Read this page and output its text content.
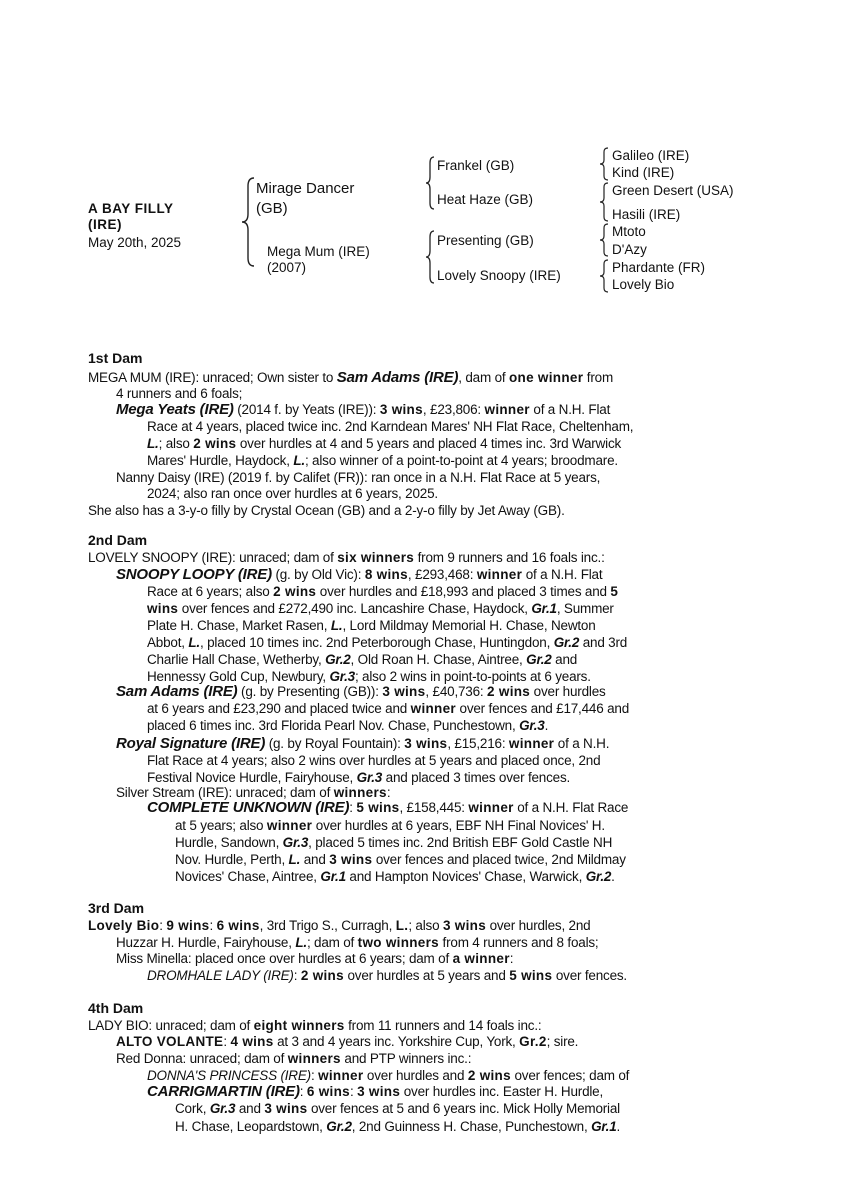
A BAY FILLY
(IRE)
May 20th, 2025
Mirage Dancer
(GB)
Mega Mum (IRE)
(2007)
Frankel (GB)
Heat Haze (GB)
Presenting (GB)
Lovely Snoopy (IRE)
Galileo (IRE)
Kind (IRE)
Green Desert (USA)
Hasili (IRE)
Mtoto
D'Azy
Phardante (FR)
Lovely Bio
1st Dam
MEGA MUM (IRE): unraced; Own sister to Sam Adams (IRE), dam of one winner from
4 runners and 6 foals;
Mega Yeats (IRE) (2014 f. by Yeats (IRE)): 3 wins, £23,806: winner of a N.H. Flat
Race at 4 years, placed twice inc. 2nd Karndean Mares' NH Flat Race, Cheltenham,
L.; also 2 wins over hurdles at 4 and 5 years and placed 4 times inc. 3rd Warwick
Mares' Hurdle, Haydock, L.; also winner of a point-to-point at 4 years; broodmare.
Nanny Daisy (IRE) (2019 f. by Califet (FR)): ran once in a N.H. Flat Race at 5 years,
2024; also ran once over hurdles at 6 years, 2025.
She also has a 3-y-o filly by Crystal Ocean (GB) and a 2-y-o filly by Jet Away (GB).
2nd Dam
LOVELY SNOOPY (IRE): unraced; dam of six winners from 9 runners and 16 foals inc.:
SNOOPY LOOPY (IRE) (g. by Old Vic): 8 wins, £293,468: winner of a N.H. Flat
Race at 6 years; also 2 wins over hurdles and £18,993 and placed 3 times and 5
wins over fences and £272,490 inc. Lancashire Chase, Haydock, Gr.1, Summer
Plate H. Chase, Market Rasen, L., Lord Mildmay Memorial H. Chase, Newton
Abbot, L., placed 10 times inc. 2nd Peterborough Chase, Huntingdon, Gr.2 and 3rd
Charlie Hall Chase, Wetherby, Gr.2, Old Roan H. Chase, Aintree, Gr.2 and
Hennessy Gold Cup, Newbury, Gr.3; also 2 wins in point-to-points at 6 years.
Sam Adams (IRE) (g. by Presenting (GB)): 3 wins, £40,736: 2 wins over hurdles
at 6 years and £23,290 and placed twice and winner over fences and £17,446 and
placed 6 times inc. 3rd Florida Pearl Nov. Chase, Punchestown, Gr.3.
Royal Signature (IRE) (g. by Royal Fountain): 3 wins, £15,216: winner of a N.H.
Flat Race at 4 years; also 2 wins over hurdles at 5 years and placed once, 2nd
Festival Novice Hurdle, Fairyhouse, Gr.3 and placed 3 times over fences.
Silver Stream (IRE): unraced; dam of winners:
COMPLETE UNKNOWN (IRE): 5 wins, £158,445: winner of a N.H. Flat Race
at 5 years; also winner over hurdles at 6 years, EBF NH Final Novices' H.
Hurdle, Sandown, Gr.3, placed 5 times inc. 2nd British EBF Gold Castle NH
Nov. Hurdle, Perth, L. and 3 wins over fences and placed twice, 2nd Mildmay
Novices' Chase, Aintree, Gr.1 and Hampton Novices' Chase, Warwick, Gr.2.
3rd Dam
Lovely Bio: 9 wins: 6 wins, 3rd Trigo S., Curragh, L.; also 3 wins over hurdles, 2nd
Huzzar H. Hurdle, Fairyhouse, L.; dam of two winners from 4 runners and 8 foals;
Miss Minella: placed once over hurdles at 6 years; dam of a winner:
DROMHALE LADY (IRE): 2 wins over hurdles at 5 years and 5 wins over fences.
4th Dam
LADY BIO: unraced; dam of eight winners from 11 runners and 14 foals inc.:
ALTO VOLANTE: 4 wins at 3 and 4 years inc. Yorkshire Cup, York, Gr.2; sire.
Red Donna: unraced; dam of winners and PTP winners inc.:
DONNA'S PRINCESS (IRE): winner over hurdles and 2 wins over fences; dam of
CARRIGMARTIN (IRE): 6 wins: 3 wins over hurdles inc. Easter H. Hurdle,
Cork, Gr.3 and 3 wins over fences at 5 and 6 years inc. Mick Holly Memorial
H. Chase, Leopardstown, Gr.2, 2nd Guinness H. Chase, Punchestown, Gr.1.
